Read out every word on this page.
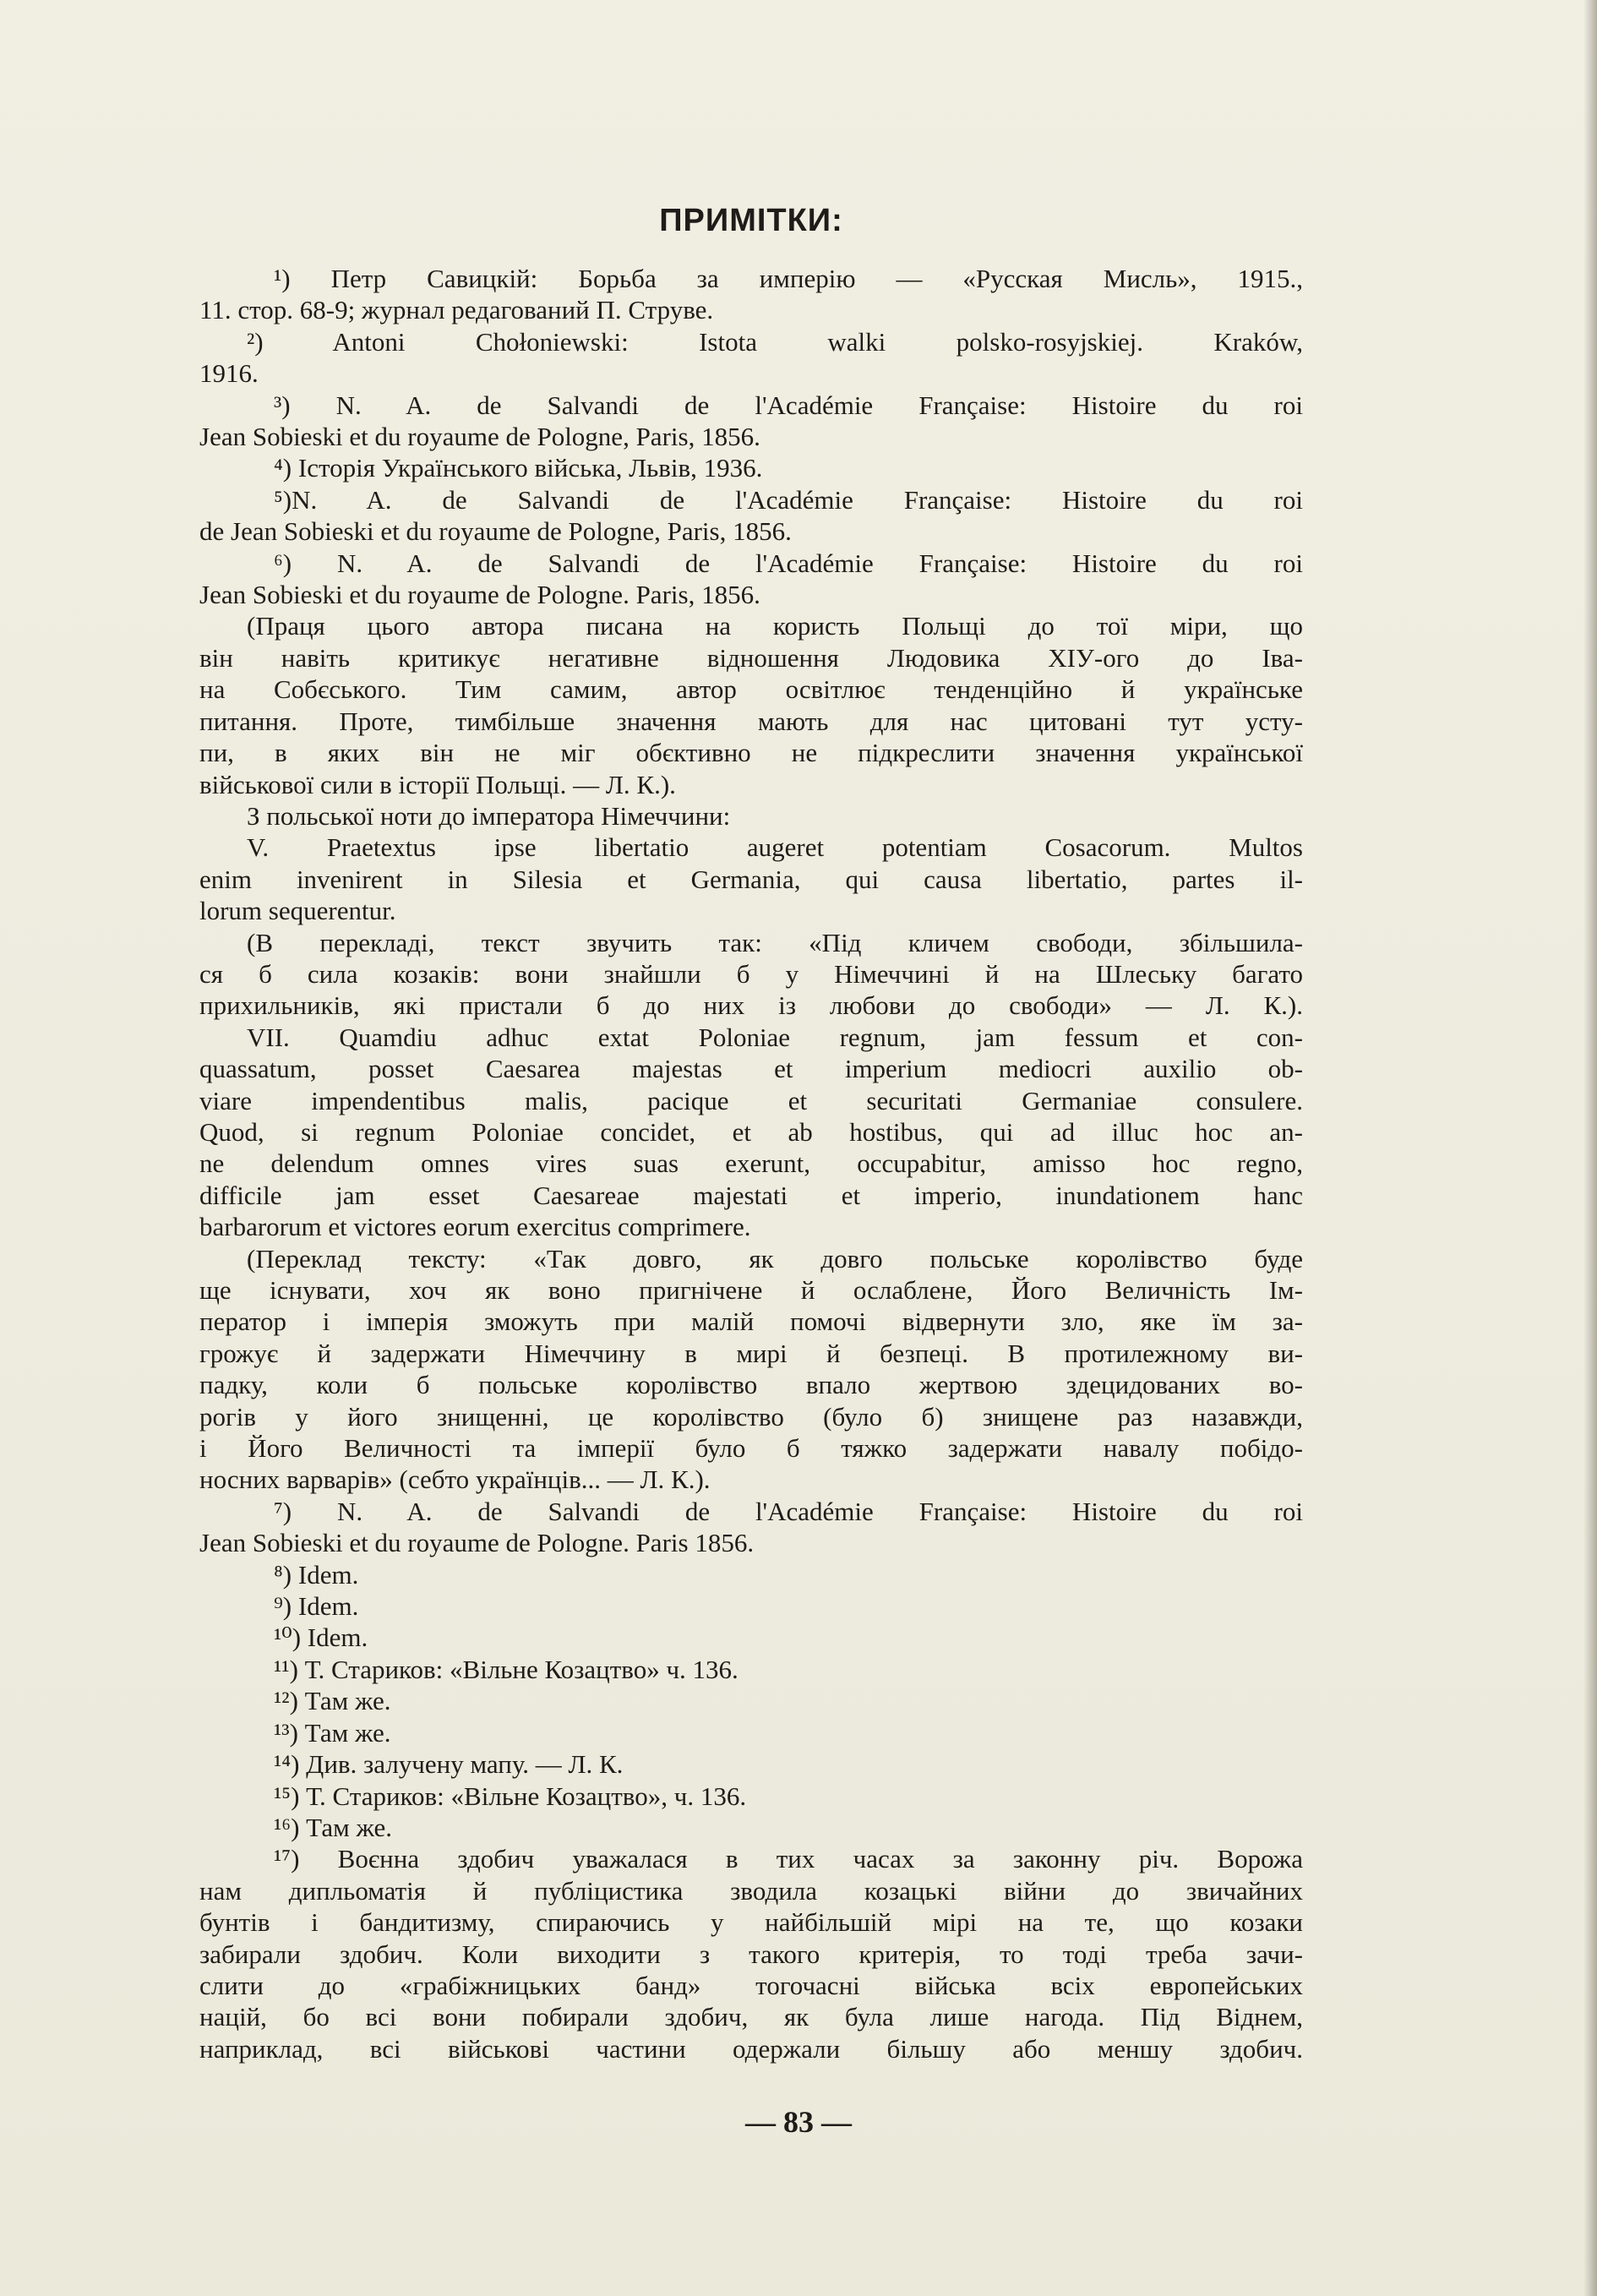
ПРИМІТКИ:

¹) Петр Савицкій: Борьба за имперію — «Русская Мисль», 1915.,

11. стор. 68-9; журнал редагований П. Струве.

²) Antoni Chołoniewski: Istota walki polsko-rosyjskiej. Kraków,

1916.

³) N. A. de Salvandi de l'Académie Française: Histoire du roi

Jean Sobieski et du royaume de Pologne, Paris, 1856.

⁴) Історія Українського війська, Львів, 1936.

⁵)N. A. de Salvandi de l'Académie Française: Histoire du roi

de Jean Sobieski et du royaume de Pologne, Paris, 1856.

⁶) N. A. de Salvandi de l'Académie Française: Histoire du roi

Jean Sobieski et du royaume de Pologne. Paris, 1856.

(Праця цього автора писана на користь Польщі до тої міри, що

він навіть критикує негативне відношення Людовика XIУ-ого до Іва-

на Собєського. Тим самим, автор освітлює тенденційно й українське

питання. Проте, тимбільше значення мають для нас цитовані тут усту-

пи, в яких він не міг обєктивно не підкреслити значення української

військової сили в історії Польщі. — Л. К.).

З польської ноти до імператора Німеччини:

V. Praetextus ipse libertatio augeret potentiam Cosacorum. Multos

enim invenirent in Silesia et Germania, qui causa libertatio, partes il-

lorum sequerentur.

(В перекладі, текст звучить так: «Під кличем свободи, збільшила-

ся б сила козаків: вони знайшли б у Німеччині й на Шлеську багато

прихильників, які пристали б до них із любови до свободи» — Л. К.).

VII. Quamdiu adhuc extat Poloniae regnum, jam fessum et con-

quassatum, posset Caesarea majestas et imperium mediocri auxilio ob-

viare impendentibus malis, pacique et securitati Germaniae consulere.

Quod, si regnum Poloniae concidet, et ab hostibus, qui ad illuc hoc an-

ne delendum omnes vires suas exerunt, occupabitur, amisso hoc regno,

difficile jam esset Caesareae majestati et imperio, inundationem hanc

barbarorum et victores eorum exercitus comprimere.

(Переклад тексту: «Так довго, як довго польське королівство буде

ще існувати, хоч як воно пригнічене й ослаблене, Його Величність Ім-

ператор і імперія зможуть при малій помочі відвернути зло, яке їм за-

грожує й задержати Німеччину в мирі й безпеці. В протилежному ви-

падку, коли б польське королівство впало жертвою здецидованих во-

рогів у його знищенні, це королівство (було б) знищене раз назавжди,

і Його Величності та імперії було б тяжко задержати навалу побідо-

носних варварів» (себто українців... — Л. К.).

⁷) N. A. de Salvandi de l'Académie Française: Histoire du roi

Jean Sobieski et du royaume de Pologne. Paris 1856.

⁸) Idem.

⁹) Idem.

¹⁰) Idem.

¹¹) Т. Стариков: «Вільне Козацтво» ч. 136.

¹²) Там же.

¹³) Там же.

¹⁴) Див. залучену мапу. — Л. К.

¹⁵) Т. Стариков: «Вільне Козацтво», ч. 136.

¹⁶) Там же.

¹⁷) Воєнна здобич уважалася в тих часах за законну річ. Ворожа

нам дипльоматія й публіцистика зводила козацькі війни до звичайних

бунтів і бандитизму, спираючись у найбільшій мірі на те, що козаки

забирали здобич. Коли виходити з такого критерія, то тоді треба зачи-

слити до «грабіжницьких банд» тогочасні війська всіх европейських

націй, бо всі вони побирали здобич, як була лише нагода. Під Віднем,

наприклад, всі військові частини одержали більшу або меншу здобич.

— 83 —
